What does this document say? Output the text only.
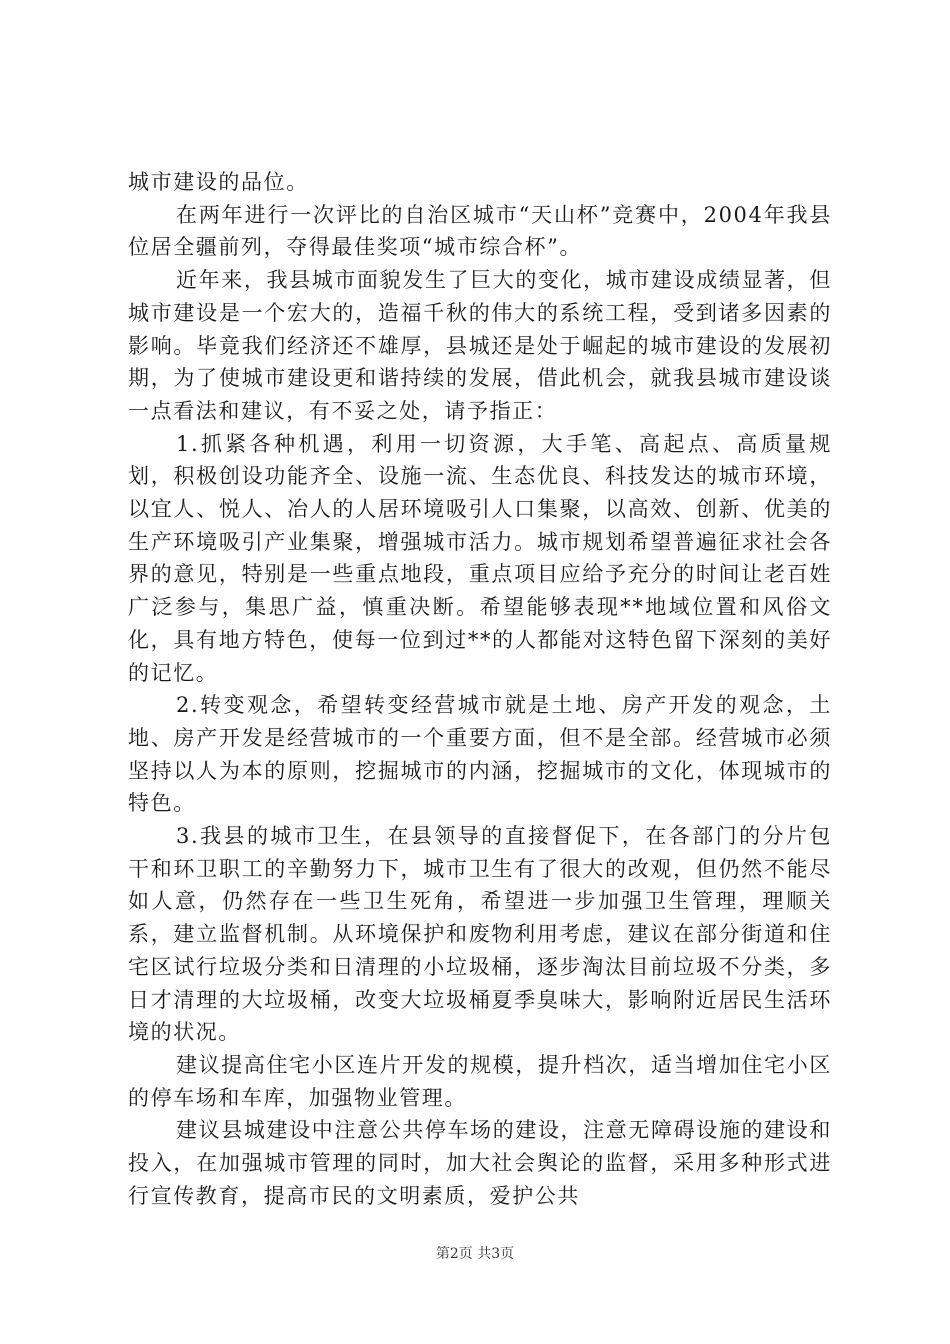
城市建设的品位。

在两年进行一次评比的自治区城市“天山杯”竞赛中，2004年我县位居全疆前列，夺得最佳奖项“城市综合杯”。

近年来，我县城市面貌发生了巨大的变化，城市建设成绩显著，但城市建设是一个宏大的，造福千秋的伟大的系统工程，受到诸多因素的影响。毕竟我们经济还不雄厚，县城还是处于崛起的城市建设的发展初期，为了使城市建设更和谐持续的发展，借此机会，就我县城市建设谈一点看法和建议，有不妥之处，请予指正：

1.抓紧各种机遇，利用一切资源，大手笔、高起点、高质量规划，积极创设功能齐全、设施一流、生态优良、科技发达的城市环境，以宜人、悦人、冶人的人居环境吸引人口集聚，以高效、创新、优美的生产环境吸引产业集聚，增强城市活力。城市规划希望普遍征求社会各界的意见，特别是一些重点地段，重点项目应给予充分的时间让老百姓广泛参与，集思广益，慎重决断。希望能够表现**地域位置和风俗文化，具有地方特色，使每一位到过**的人都能对这特色留下深刻的美好的记忆。

2.转变观念，希望转变经营城市就是土地、房产开发的观念，土地、房产开发是经营城市的一个重要方面，但不是全部。经营城市必须坚持以人为本的原则，挖掘城市的内涵，挖掘城市的文化，体现城市的特色。

3.我县的城市卫生，在县领导的直接督促下，在各部门的分片包干和环卫职工的辛勤努力下，城市卫生有了很大的改观，但仍然不能尽如人意，仍然存在一些卫生死角，希望进一步加强卫生管理，理顺关系，建立监督机制。从环境保护和废物利用考虑，建议在部分街道和住宅区试行垃圾分类和日清理的小垃圾桶，逐步淘汰目前垃圾不分类，多日才清理的大垃圾桶，改变大垃圾桶夏季臭味大，影响附近居民生活环境的状况。

建议提高住宅小区连片开发的规模，提升档次，适当增加住宅小区的停车场和车库，加强物业管理。

建议县城建设中注意公共停车场的建设，注意无障碍设施的建设和投入，在加强城市管理的同时，加大社会舆论的监督，采用多种形式进行宣传教育，提高市民的文明素质，爱护公共

第2页 共3页
